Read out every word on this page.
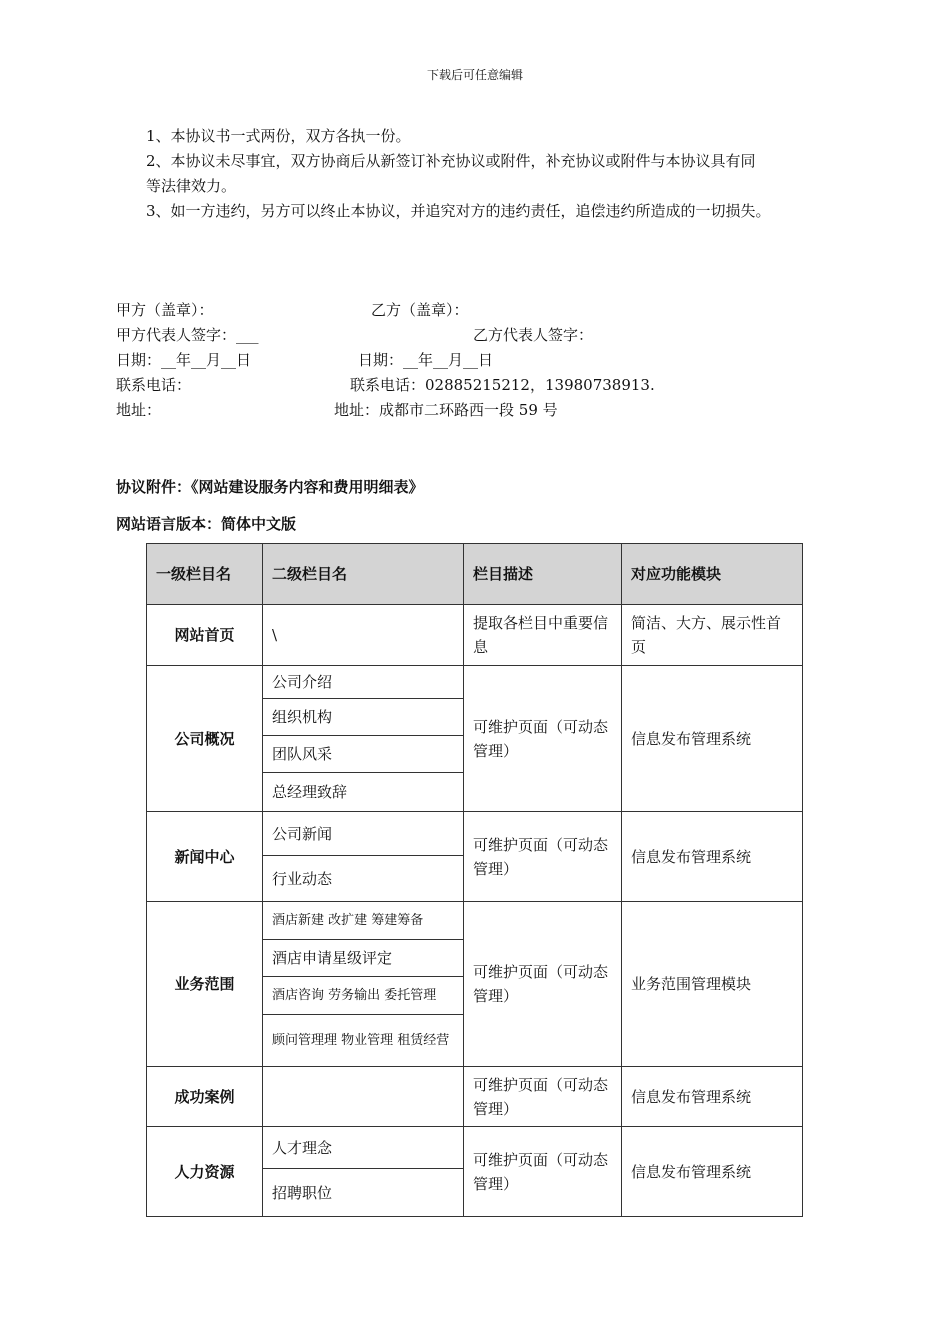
下载后可任意编辑
1、本协议书一式两份，双方各执一份。
2、本协议未尽事宜，双方协商后从新签订补充协议或附件，补充协议或附件与本协议具有同
等法律效力。
3、如一方违约，另方可以终止本协议，并追究对方的违约责任，追偿违约所造成的一切损失。
甲方（盖章）：	乙方（盖章）：
甲方代表人签字：___	乙方代表人签字：
日期：__年__月__日	日期：__年__月__日
联系电话：	联系电话：02885215212，13980738913.
地址：	地址：成都市二环路西一段 59 号
协议附件：《网站建设服务内容和费用明细表》
网站语言版本：简体中文版
一级栏目名	二级栏目名	栏目描述	对应功能模块
网站首页	\	提取各栏目中重要信息	简洁、大方、展示性首页
公司概况	公司介绍	可维护页面（可动态管理）	信息发布管理系统
	组织机构		
	团队风采		
	总经理致辞		
新闻中心	公司新闻	可维护页面（可动态管理）	信息发布管理系统
	行业动态		
业务范围	酒店新建 改扩建 筹建筹备	可维护页面（可动态管理）	业务范围管理模块
	酒店申请星级评定		
	酒店咨询 劳务输出 委托管理		
	顾问管理理 物业管理 租赁经营		
成功案例		可维护页面（可动态管理）	信息发布管理系统
人力资源	人才理念	可维护页面（可动态管理）	信息发布管理系统
	招聘职位		
